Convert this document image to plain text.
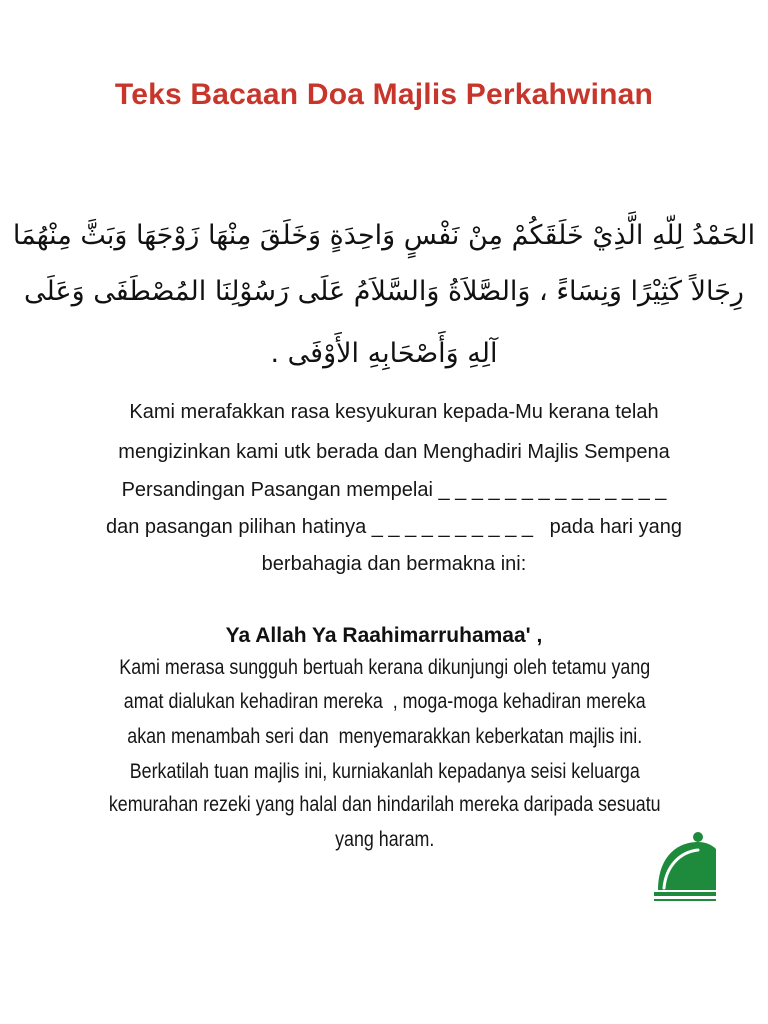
Teks Bacaan Doa Majlis Perkahwinan
الحَمْدُ لِلّهِ الَّذِيْ خَلَقَكُمْ مِنْ نَفْسٍ وَاحِدَةٍ وَخَلَقَ مِنْهَا زَوْجَهَا وَبَثَّ مِنْهُمَا
رِجَالاً كَثِيْرًا وَنِسَاءً ، وَالصَّلاَةُ وَالسَّلاَمُ عَلَى رَسُوْلِنَا المُصْطَفَى وَعَلَى
آلِهِ وَأَصْحَابِهِ الأَوْفَى .
Kami merafakkan rasa kesyukuran kepada-Mu kerana telah
mengizinkan kami utk berada dan Menghadiri Majlis Sempena
Persandingan Pasangan mempelai _ _ _ _ _ _ _ _ _ _ _ _ _ _
dan pasangan pilihan hatinya _ _ _ _ _ _ _ _ _ _   pada hari yang
berbahagia dan bermakna ini:
Ya Allah Ya Raahimarruhamaa' ,
Kami merasa sungguh bertuah kerana dikunjungi oleh tetamu yang
amat dialukan kehadiran mereka  , moga-moga kehadiran mereka
akan menambah seri dan  menyemarakkan keberkatan majlis ini.
Berkatilah tuan majlis ini, kurniakanlah kepadanya seisi keluarga
kemurahan rezeki yang halal dan hindarilah mereka daripada sesuatu
yang haram.
